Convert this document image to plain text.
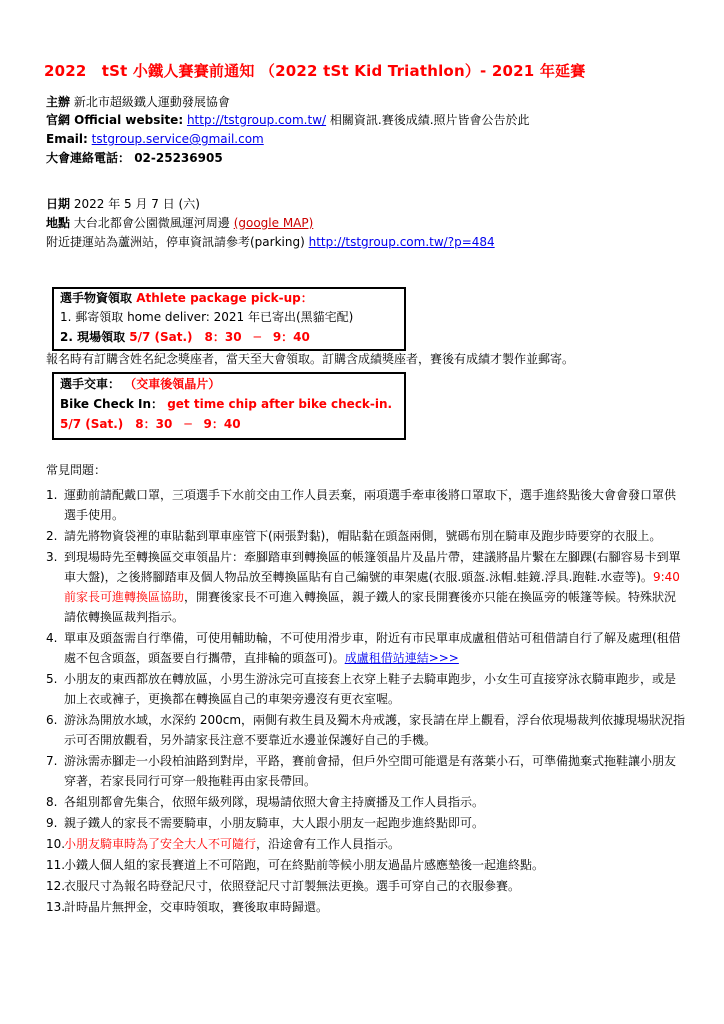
2022　tSt 小鐵人賽賽前通知 （2022 tSt Kid Triathlon）- 2021 年延賽
主辦 新北市超級鐵人運動發展協會
官網 Official website: http://tstgroup.com.tw/ 相關資訊.賽後成績.照片皆會公告於此
Email: tstgroup.service@gmail.com
大會連絡電話： 02-25236905
日期 2022 年 5 月 7 日 (六)
地點 大台北都會公園微風運河周邊 (google MAP)
附近捷運站為蘆洲站，停車資訊請參考(parking) http://tstgroup.com.tw/?p=484
選手物資領取 Athlete package pick-up：
1. 郵寄領取 home deliver: 2021 年已寄出(黑貓宅配)
2. 現場領取 5/7 (Sat.)　8：30　─　9：40
報名時有訂購含姓名紀念獎座者，當天至大會領取。訂購含成績獎座者，賽後有成績才製作並郵寄。
選手交車： （交車後領晶片）
Bike Check In： get time chip after bike check-in.
5/7 (Sat.)　8：30　─　9：40
常見問題：
1. 運動前請配戴口罩，三項選手下水前交由工作人員丟棄，兩項選手牽車後將口罩取下，選手進終點後大會會發口罩供選手使用。
2. 請先將物資袋裡的車貼黏到單車座管下(兩張對黏)，帽貼黏在頭盔兩側，號碼布別在騎車及跑步時要穿的衣服上。
3. 到現場時先至轉換區交車領晶片：牽腳踏車到轉換區的帳篷領晶片及晶片帶，建議將晶片繫在左腳踝(右腳容易卡到單車大盤)，之後將腳踏車及個人物品放至轉換區貼有自己編號的車架處(衣服.頭盔.泳帽.蛙鏡.浮具.跑鞋.水壺等)。9:40 前家長可進轉換區協助，開賽後家長不可進入轉換區，親子鐵人的家長開賽後亦只能在換區旁的帳篷等候。特殊狀況請依轉換區裁判指示。
4. 單車及頭盔需自行準備，可使用輔助輪，不可使用滑步車，附近有市民單車成盧租借站可租借請自行了解及處理(租借處不包含頭盔，頭盔要自行攜帶，直排輪的頭盔可)。成盧租借站連結>>>
5. 小朋友的東西都放在轉放區，小男生游泳完可直接套上衣穿上鞋子去騎車跑步，小女生可直接穿泳衣騎車跑步，或是加上衣或褲子，更換都在轉換區自己的車架旁邊沒有更衣室喔。
6. 游泳為開放水域，水深約 200cm，兩側有救生員及獨木舟戒護，家長請在岸上觀看，浮台依現場裁判依據現場狀況指示可否開放觀看，另外請家長注意不要靠近水邊並保護好自己的手機。
7. 游泳需赤腳走一小段柏油路到對岸，平路，賽前會掃，但戶外空間可能還是有落葉小石，可準備拋棄式拖鞋讓小朋友穿著，若家長同行可穿一般拖鞋再由家長帶回。
8. 各組別都會先集合，依照年級列隊，現場請依照大會主持廣播及工作人員指示。
9. 親子鐵人的家長不需要騎車，小朋友騎車，大人跟小朋友一起跑步進終點即可。
10.
小朋友騎車時為了安全大人不可隨行，沿途會有工作人員指示。
11.
小鐵人個人組的家長賽道上不可陪跑，可在終點前等候小朋友過晶片感應墊後一起進終點。
12.
衣服尺寸為報名時登記尺寸，依照登記尺寸訂製無法更換。選手可穿自己的衣服參賽。
13.
計時晶片無押金，交車時領取，賽後取車時歸還。
